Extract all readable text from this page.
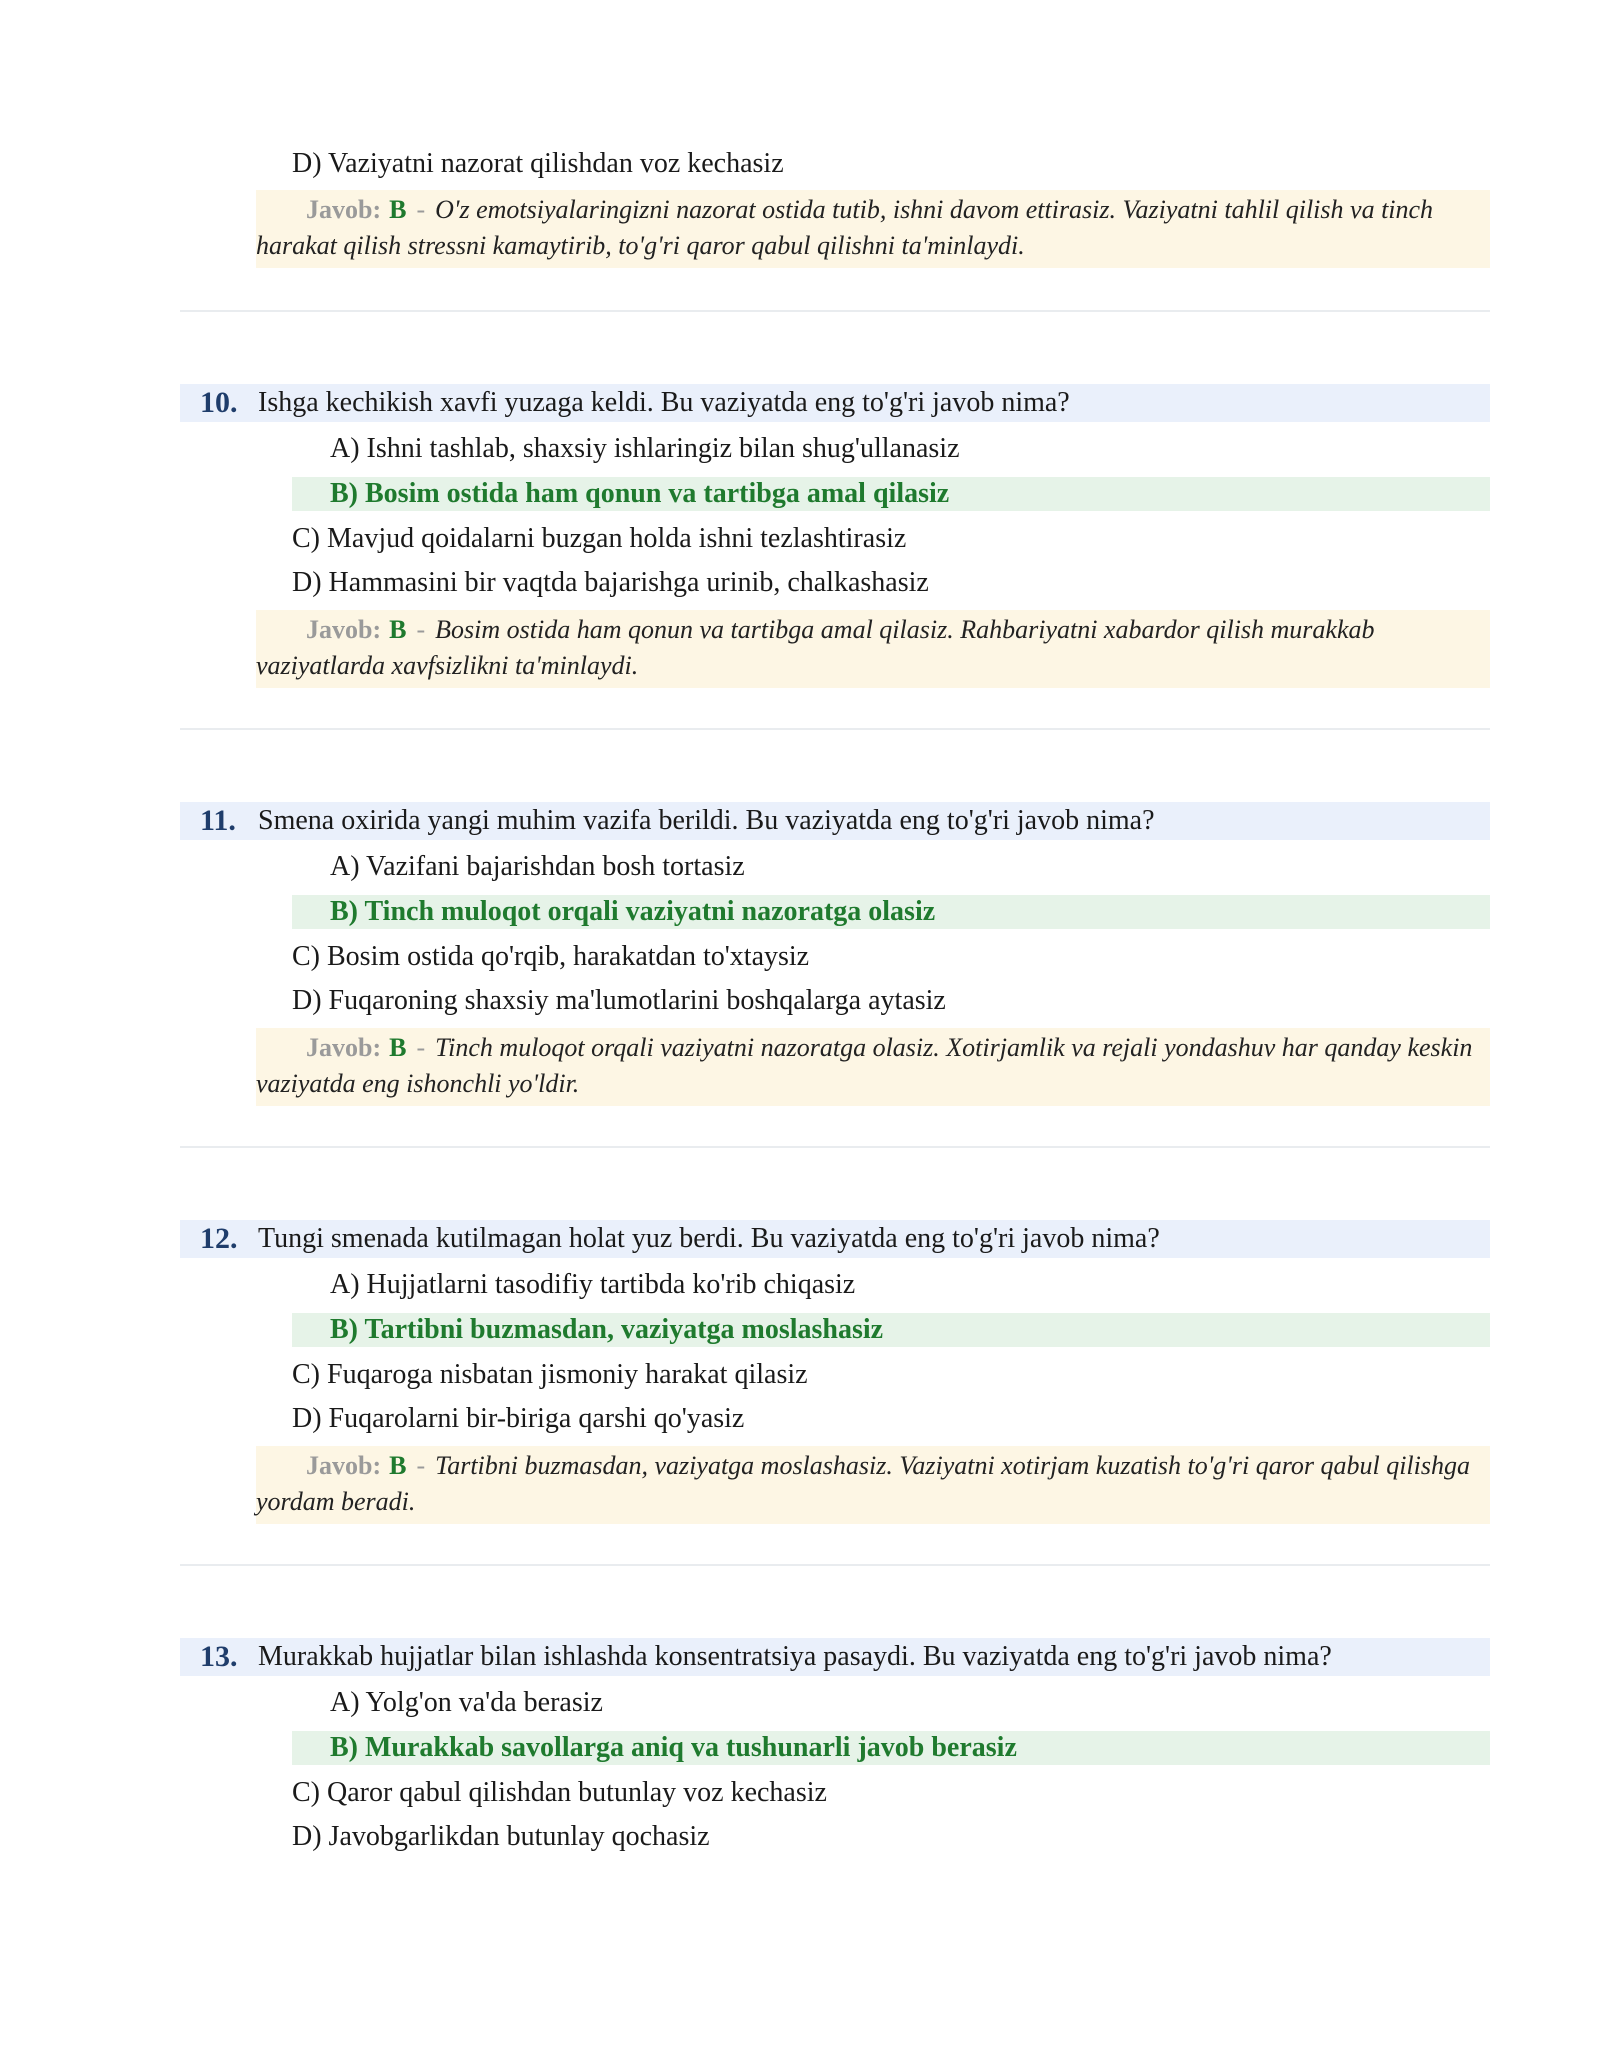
D) Vaziyatni nazorat qilishdan voz kechasiz

Javob: B - O'z emotsiyalaringizni nazorat ostida tutib, ishni davom ettirasiz. Vaziyatni tahlil qilish va tinch harakat qilish stressni kamaytirib, to'g'ri qaror qabul qilishni ta'minlaydi.

10. Ishga kechikish xavfi yuzaga keldi. Bu vaziyatda eng to'g'ri javob nima?
A) Ishni tashlab, shaxsiy ishlaringiz bilan shug'ullanasiz
B) Bosim ostida ham qonun va tartibga amal qilasiz
C) Mavjud qoidalarni buzgan holda ishni tezlashtirasiz
D) Hammasini bir vaqtda bajarishga urinib, chalkashasiz

Javob: B - Bosim ostida ham qonun va tartibga amal qilasiz. Rahbariyatni xabardor qilish murakkab vaziyatlarda xavfsizlikni ta'minlaydi.

11. Smena oxirida yangi muhim vazifa berildi. Bu vaziyatda eng to'g'ri javob nima?
A) Vazifani bajarishdan bosh tortasiz
B) Tinch muloqot orqali vaziyatni nazoratga olasiz
C) Bosim ostida qo'rqib, harakatdan to'xtaysiz
D) Fuqaroning shaxsiy ma'lumotlarini boshqalarga aytasiz

Javob: B - Tinch muloqot orqali vaziyatni nazoratga olasiz. Xotirjamlik va rejali yondashuv har qanday keskin vaziyatda eng ishonchli yo'ldir.

12. Tungi smenada kutilmagan holat yuz berdi. Bu vaziyatda eng to'g'ri javob nima?
A) Hujjatlarni tasodifiy tartibda ko'rib chiqasiz
B) Tartibni buzmasdan, vaziyatga moslashasiz
C) Fuqaroga nisbatan jismoniy harakat qilasiz
D) Fuqarolarni bir-biriga qarshi qo'yasiz

Javob: B - Tartibni buzmasdan, vaziyatga moslashasiz. Vaziyatni xotirjam kuzatish to'g'ri qaror qabul qilishga yordam beradi.

13. Murakkab hujjatlar bilan ishlashda konsentratsiya pasaydi. Bu vaziyatda eng to'g'ri javob nima?
A) Yolg'on va'da berasiz
B) Murakkab savollarga aniq va tushunarli javob berasiz
C) Qaror qabul qilishdan butunlay voz kechasiz
D) Javobgarlikdan butunlay qochasiz
